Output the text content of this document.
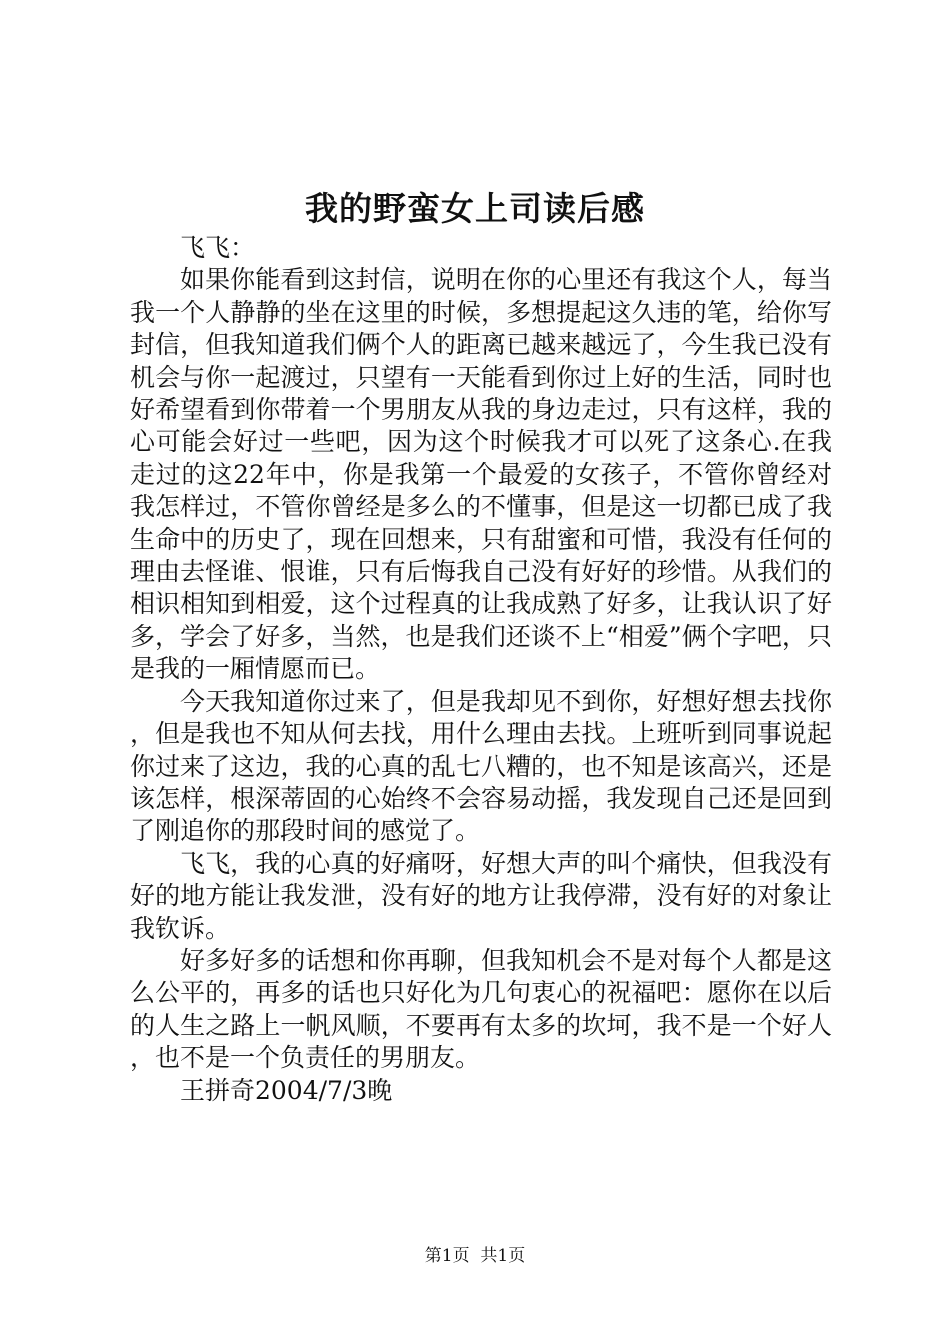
我的野蛮女上司读后感

飞飞：

如果你能看到这封信，说明在你的心里还有我这个人，每当我一个人静静的坐在这里的时候，多想提起这久违的笔，给你写封信，但我知道我们俩个人的距离已越来越远了，今生我已没有机会与你一起渡过，只望有一天能看到你过上好的生活，同时也好希望看到你带着一个男朋友从我的身边走过，只有这样，我的心可能会好过一些吧，因为这个时候我才可以死了这条心.在我走过的这22年中，你是我第一个最爱的女孩子，不管你曾经对我怎样过，不管你曾经是多么的不懂事，但是这一切都已成了我生命中的历史了，现在回想来，只有甜蜜和可惜，我没有任何的理由去怪谁、恨谁，只有后悔我自己没有好好的珍惜。从我们的相识相知到相爱，这个过程真的让我成熟了好多，让我认识了好多，学会了好多，当然，也是我们还谈不上“相爱”俩个字吧，只是我的一厢情愿而已。

今天我知道你过来了，但是我却见不到你，好想好想去找你，但是我也不知从何去找，用什么理由去找。上班听到同事说起你过来了这边，我的心真的乱七八糟的，也不知是该高兴，还是该怎样，根深蒂固的心始终不会容易动摇，我发现自己还是回到了刚追你的那段时间的感觉了。

飞飞，我的心真的好痛呀，好想大声的叫个痛快，但我没有好的地方能让我发泄，没有好的地方让我停滞，没有好的对象让我钦诉。

好多好多的话想和你再聊，但我知机会不是对每个人都是这么公平的，再多的话也只好化为几句衷心的祝福吧：愿你在以后的人生之路上一帆风顺，不要再有太多的坎坷，我不是一个好人，也不是一个负责任的男朋友。

王拼奇2004/7/3晚

第1页 共1页
